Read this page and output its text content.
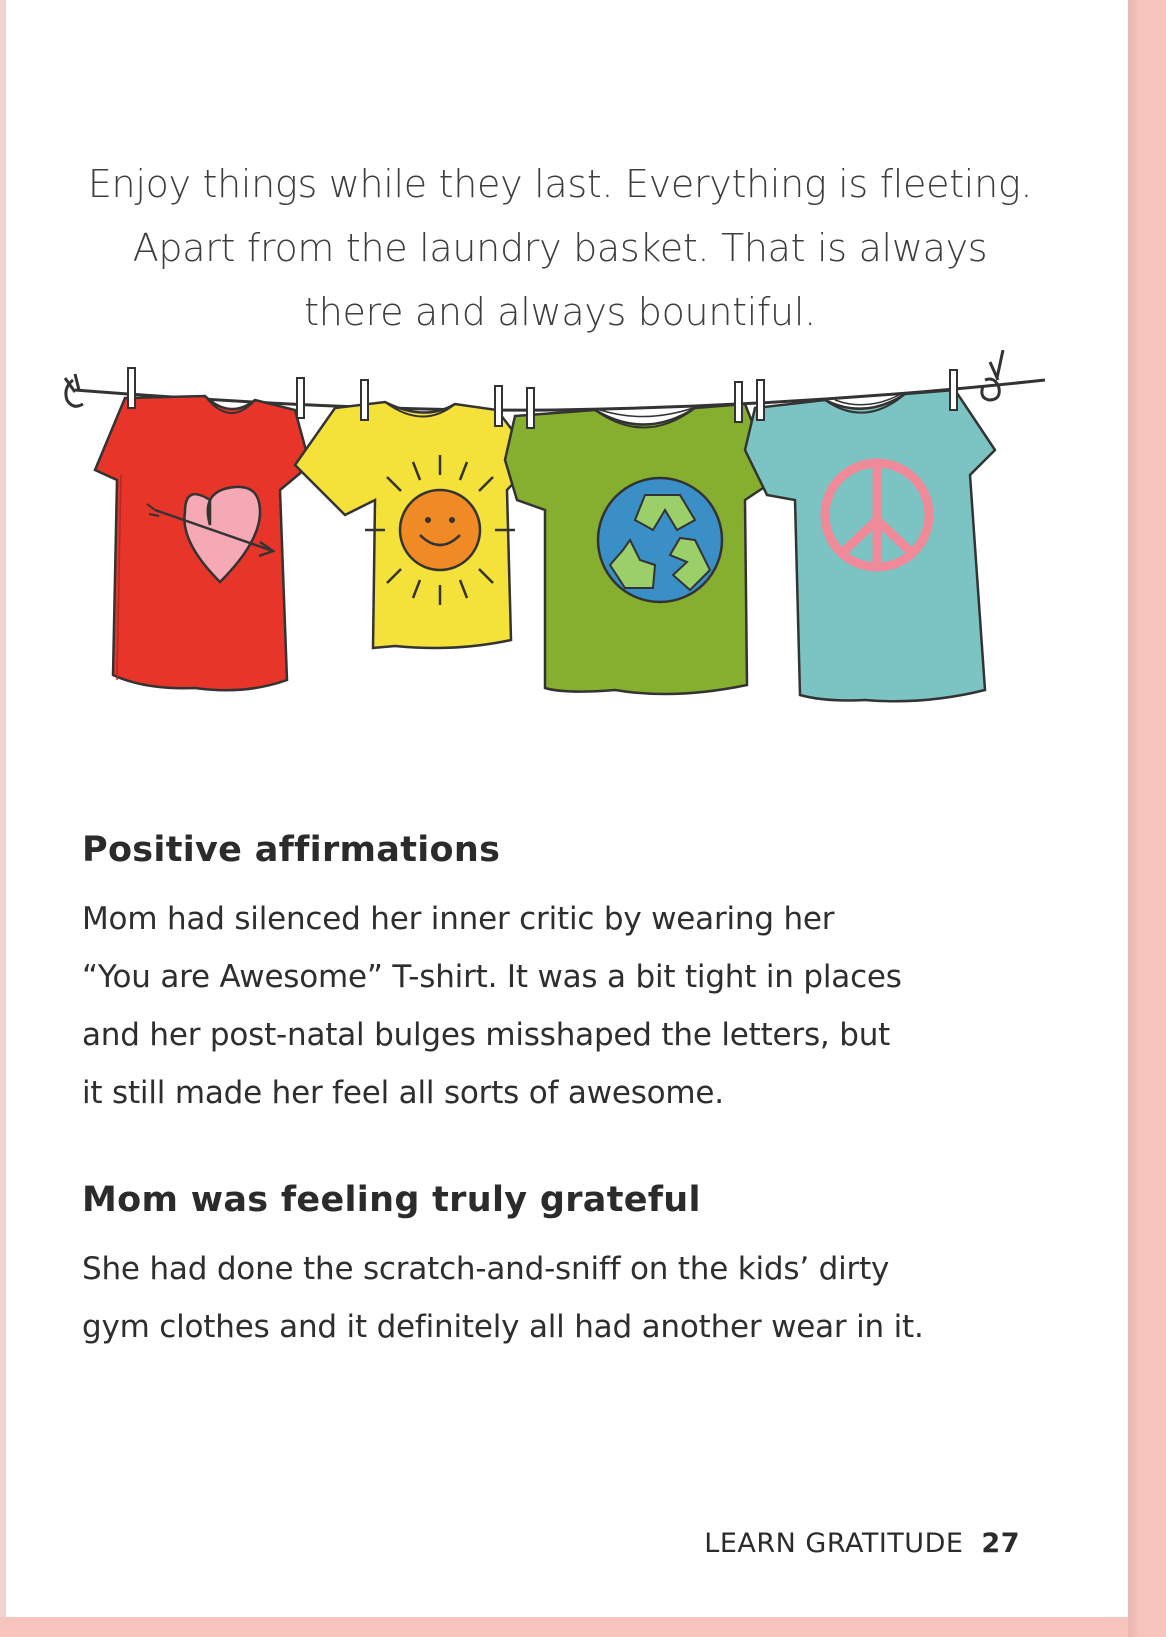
Enjoy things while they last. Everything is fleeting.
Apart from the laundry basket. That is always
there and always bountiful.
Positive affirmations
Mom had silenced her inner critic by wearing her
“You are Awesome” T-shirt. It was a bit tight in places
and her post-natal bulges misshaped the letters, but
it still made her feel all sorts of awesome.
Mom was feeling truly grateful
She had done the scratch-and-sniff on the kids’ dirty
gym clothes and it definitely all had another wear in it.
LEARN GRATITUDE 27
